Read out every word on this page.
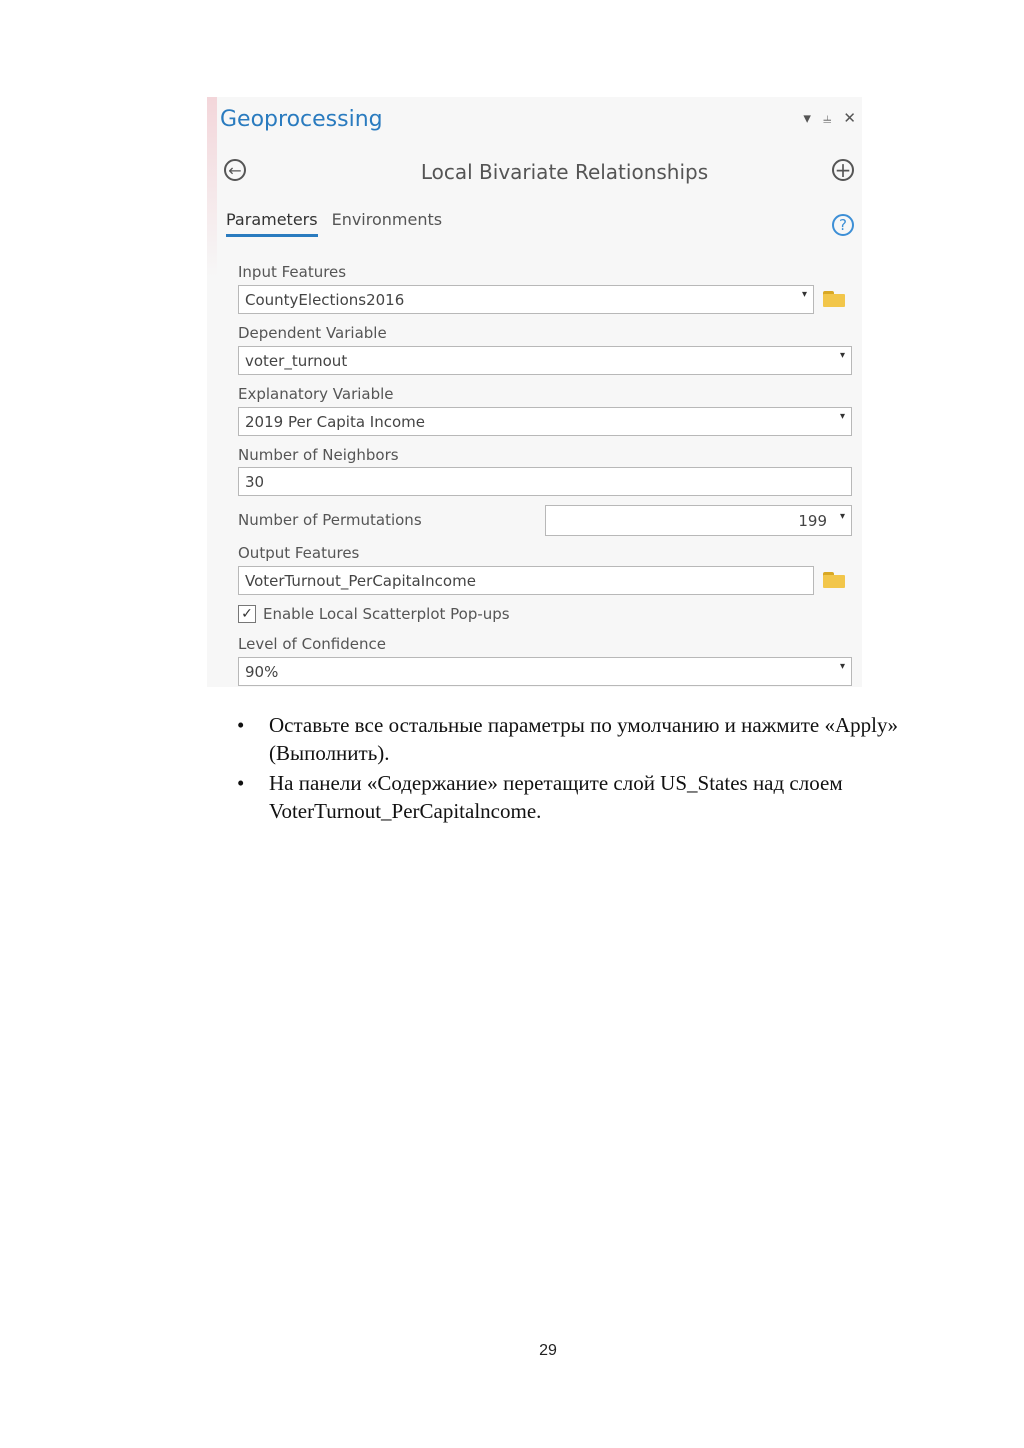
Geoprocessing	▾ ⫨ ✕
←	Local Bivariate Relationships	+
Parameters Environments	?
Input Features
CountyElections2016	▾
Dependent Variable
voter_turnout	▾
Explanatory Variable
2019 Per Capita Income	▾
Number of Neighbors
30
Number of Permutations	199 ▾
Output Features
VoterTurnout_PerCapitaIncome
✓ Enable Local Scatterplot Pop-ups
Level of Confidence
90%	▾
• Оставьте все остальные параметры по умолчанию и нажмите «Apply» (Выполнить).
• На панели «Содержание» перетащите слой US_States над слоем VoterTurnout_PerCapitalncome.
29
